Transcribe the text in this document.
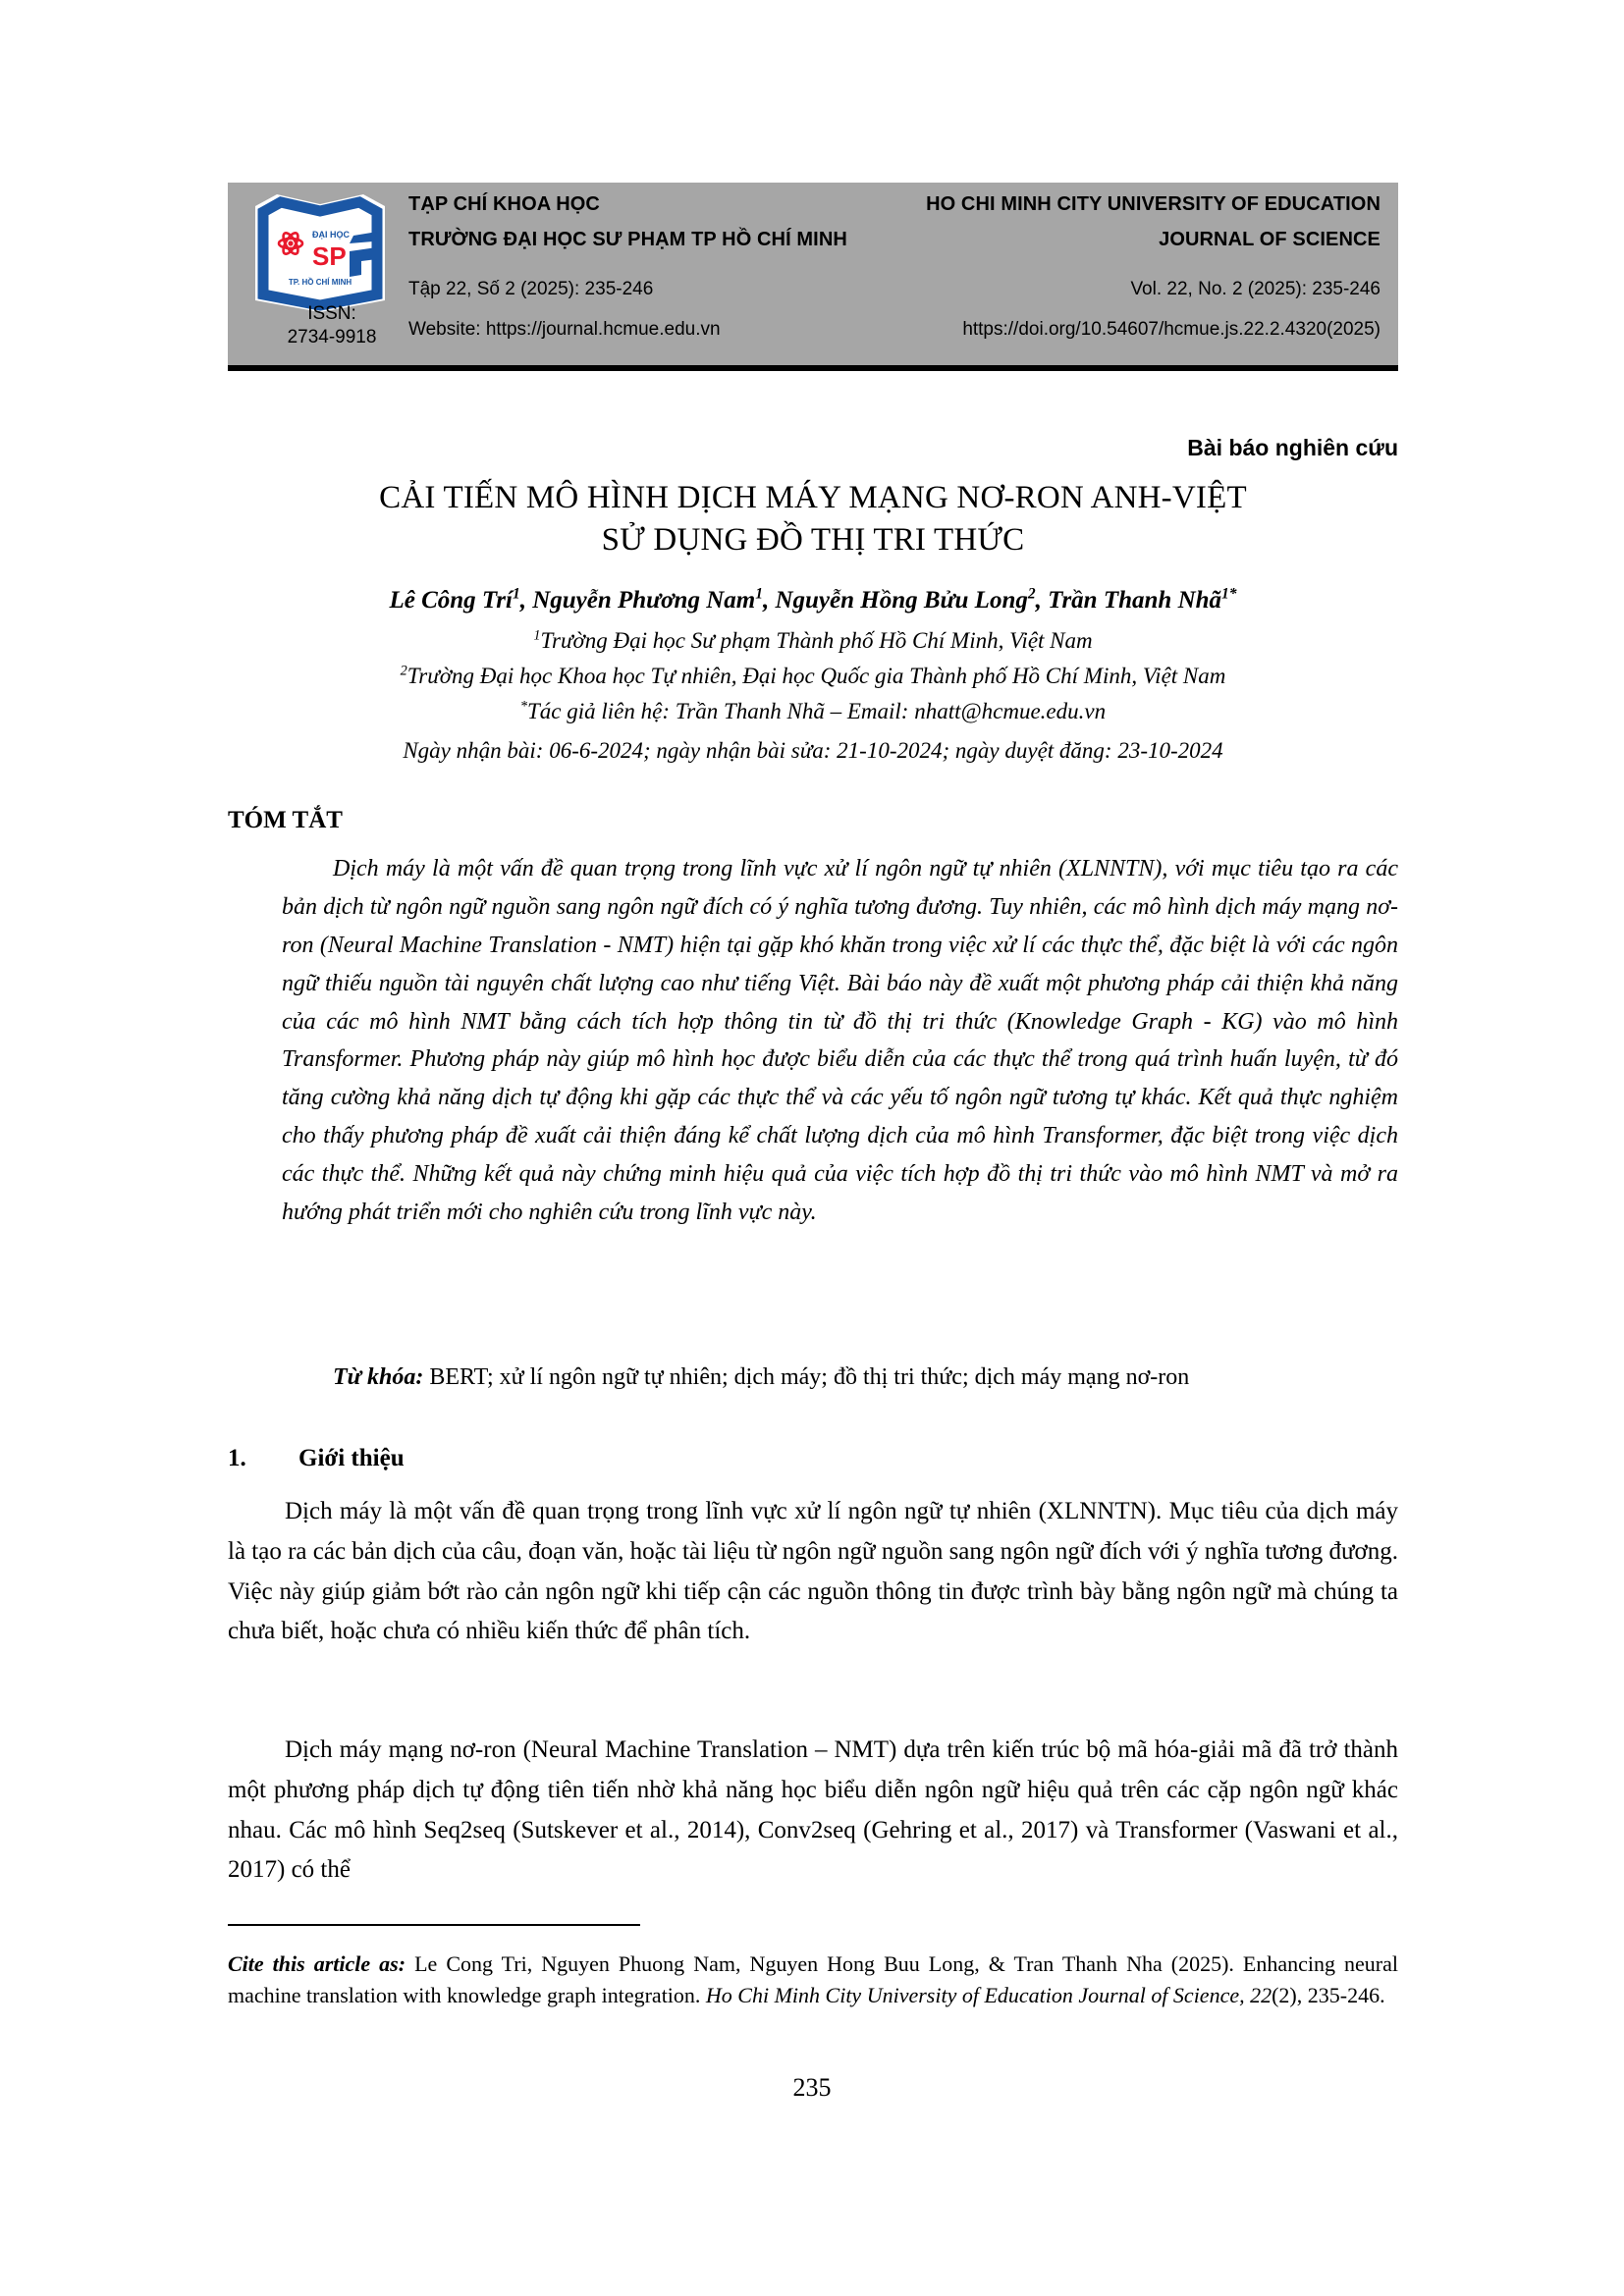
ĐẠI HỌC
SP
TP. HỒ CHÍ MINH
ISSN:
2734-9918
TẠP CHÍ KHOA HỌC	HO CHI MINH CITY UNIVERSITY OF EDUCATION
TRƯỜNG ĐẠI HỌC SƯ PHẠM TP HỒ CHÍ MINH	JOURNAL OF SCIENCE
Tập 22, Số 2 (2025): 235-246	Vol. 22, No. 2 (2025): 235-246
Website: https://journal.hcmue.edu.vn	https://doi.org/10.54607/hcmue.js.22.2.4320(2025)
Bài báo nghiên cứu
CẢI TIẾN MÔ HÌNH DỊCH MÁY MẠNG NƠ-RON ANH-VIỆT
SỬ DỤNG ĐỒ THỊ TRI THỨC
Lê Công Trí$^1$, Nguyễn Phương Nam$^1$, Nguyễn Hồng Bửu Long$^2$, Trần Thanh Nhã$^{1*}$
$^1$Trường Đại học Sư phạm Thành phố Hồ Chí Minh, Việt Nam
$^2$Trường Đại học Khoa học Tự nhiên, Đại học Quốc gia Thành phố Hồ Chí Minh, Việt Nam
*Tác giả liên hệ: Trần Thanh Nhã – Email: nhatt@hcmue.edu.vn
Ngày nhận bài: 06-6-2024; ngày nhận bài sửa: 21-10-2024; ngày duyệt đăng: 23-10-2024
TÓM TẮT
Dịch máy là một vấn đề quan trọng trong lĩnh vực xử lí ngôn ngữ tự nhiên (XLNNTN), với mục tiêu tạo ra các bản dịch từ ngôn ngữ nguồn sang ngôn ngữ đích có ý nghĩa tương đương. Tuy nhiên, các mô hình dịch máy mạng nơ-ron (Neural Machine Translation - NMT) hiện tại gặp khó khăn trong việc xử lí các thực thể, đặc biệt là với các ngôn ngữ thiếu nguồn tài nguyên chất lượng cao như tiếng Việt. Bài báo này đề xuất một phương pháp cải thiện khả năng của các mô hình NMT bằng cách tích hợp thông tin từ đồ thị tri thức (Knowledge Graph - KG) vào mô hình Transformer. Phương pháp này giúp mô hình học được biểu diễn của các thực thể trong quá trình huấn luyện, từ đó tăng cường khả năng dịch tự động khi gặp các thực thể và các yếu tố ngôn ngữ tương tự khác. Kết quả thực nghiệm cho thấy phương pháp đề xuất cải thiện đáng kể chất lượng dịch của mô hình Transformer, đặc biệt trong việc dịch các thực thể. Những kết quả này chứng minh hiệu quả của việc tích hợp đồ thị tri thức vào mô hình NMT và mở ra hướng phát triển mới cho nghiên cứu trong lĩnh vực này.
Từ khóa: BERT; xử lí ngôn ngữ tự nhiên; dịch máy; đồ thị tri thức; dịch máy mạng nơ-ron
1.	Giới thiệu
Dịch máy là một vấn đề quan trọng trong lĩnh vực xử lí ngôn ngữ tự nhiên (XLNNTN). Mục tiêu của dịch máy là tạo ra các bản dịch của câu, đoạn văn, hoặc tài liệu từ ngôn ngữ nguồn sang ngôn ngữ đích với ý nghĩa tương đương. Việc này giúp giảm bớt rào cản ngôn ngữ khi tiếp cận các nguồn thông tin được trình bày bằng ngôn ngữ mà chúng ta chưa biết, hoặc chưa có nhiều kiến thức để phân tích.
Dịch máy mạng nơ-ron (Neural Machine Translation – NMT) dựa trên kiến trúc bộ mã hóa-giải mã đã trở thành một phương pháp dịch tự động tiên tiến nhờ khả năng học biểu diễn ngôn ngữ hiệu quả trên các cặp ngôn ngữ khác nhau. Các mô hình Seq2seq (Sutskever et al., 2014), Conv2seq (Gehring et al., 2017) và Transformer (Vaswani et al., 2017) có thể
Cite this article as: Le Cong Tri, Nguyen Phuong Nam, Nguyen Hong Buu Long, & Tran Thanh Nha (2025). Enhancing neural machine translation with knowledge graph integration. Ho Chi Minh City University of Education Journal of Science, 22(2), 235-246.
235
